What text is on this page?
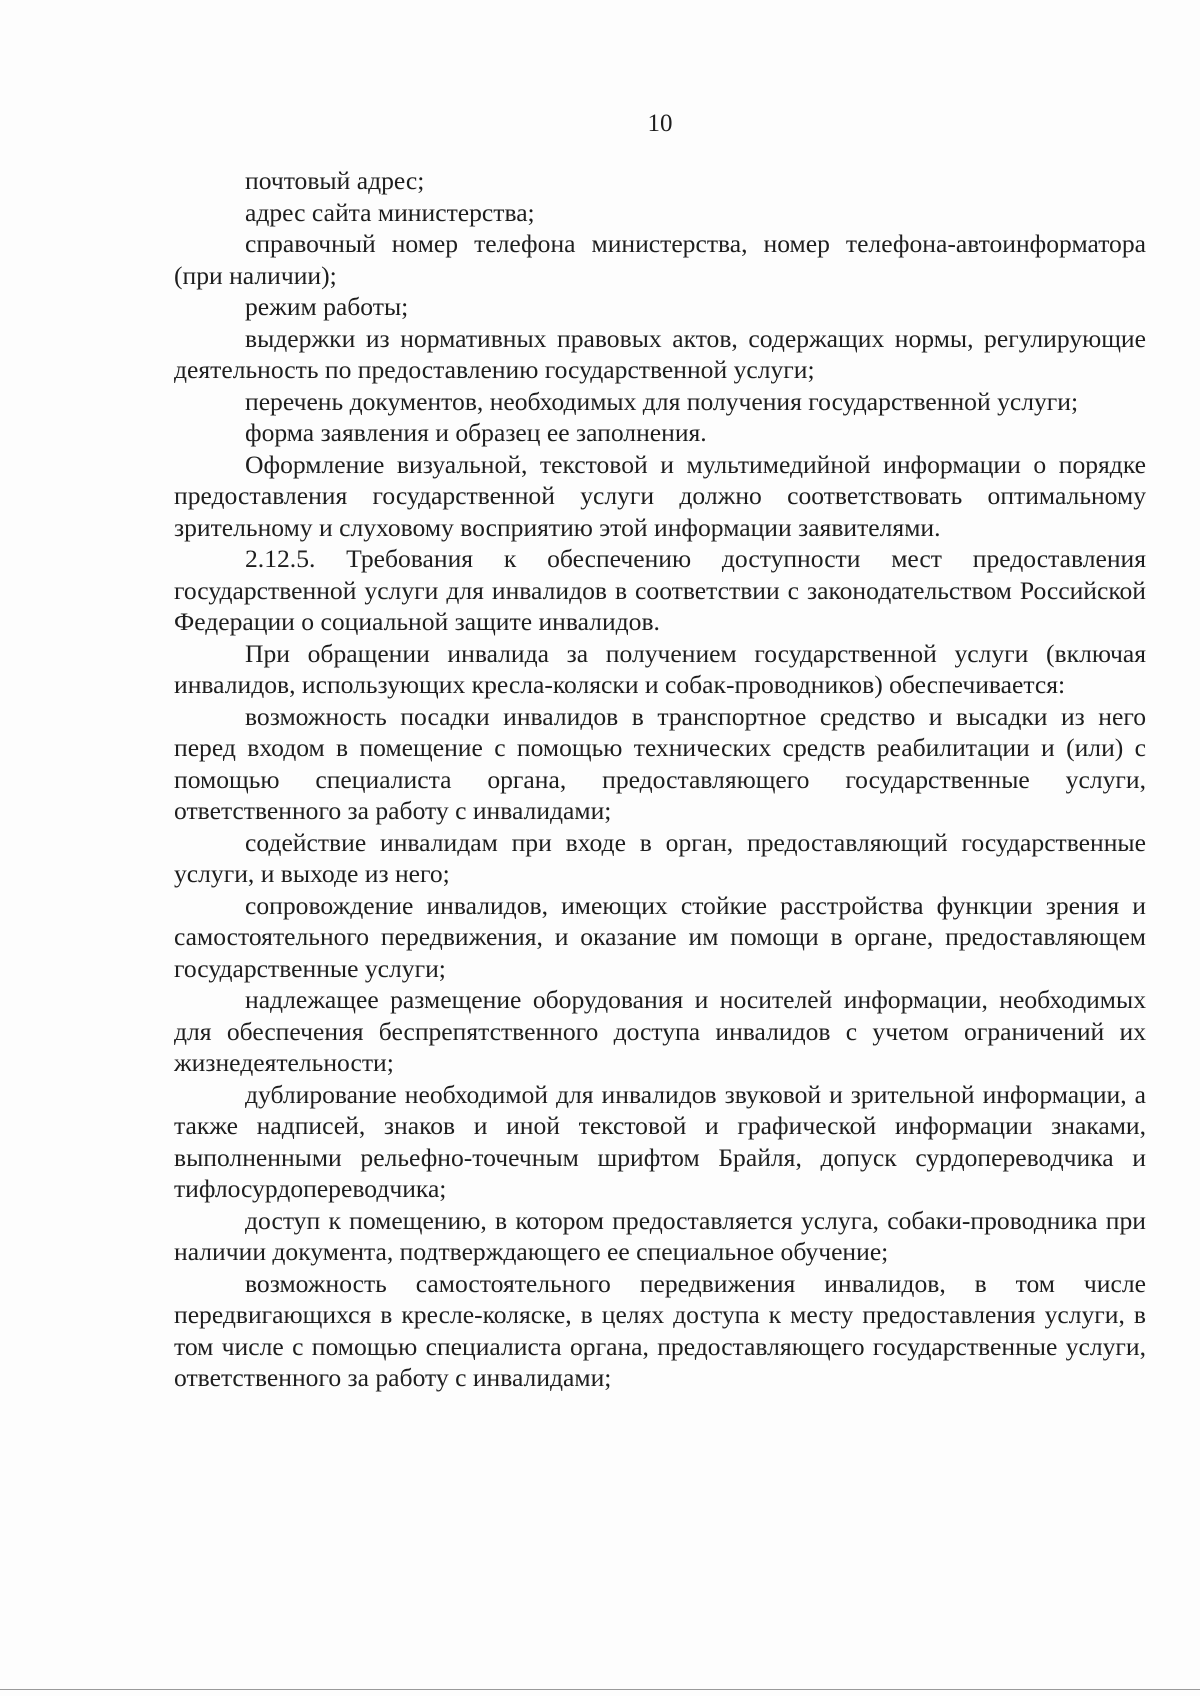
10

почтовый адрес;

адрес сайта министерства;

справочный номер телефона министерства, номер телефона-автоинформатора (при наличии);

режим работы;

выдержки из нормативных правовых актов, содержащих нормы, регулирующие деятельность по предоставлению государственной услуги;

перечень документов, необходимых для получения государственной услуги;

форма заявления и образец ее заполнения.

Оформление визуальной, текстовой и мультимедийной информации о порядке предоставления государственной услуги должно соответствовать оптимальному зрительному и слуховому восприятию этой информации заявителями.

2.12.5. Требования к обеспечению доступности мест предоставления государственной услуги для инвалидов в соответствии с законодательством Российской Федерации о социальной защите инвалидов.

При обращении инвалида за получением государственной услуги (включая инвалидов, использующих кресла-коляски и собак-проводников) обеспечивается:

возможность посадки инвалидов в транспортное средство и высадки из него перед входом в помещение с помощью технических средств реабилитации и (или) с помощью специалиста органа, предоставляющего государственные услуги, ответственного за работу с инвалидами;

содействие инвалидам при входе в орган, предоставляющий государственные услуги, и выходе из него;

сопровождение инвалидов, имеющих стойкие расстройства функции зрения и самостоятельного передвижения, и оказание им помощи в органе, предоставляющем государственные услуги;

надлежащее размещение оборудования и носителей информации, необходимых для обеспечения беспрепятственного доступа инвалидов с учетом ограничений их жизнедеятельности;

дублирование необходимой для инвалидов звуковой и зрительной информации, а также надписей, знаков и иной текстовой и графической информации знаками, выполненными рельефно-точечным шрифтом Брайля, допуск сурдопереводчика и тифлосурдопереводчика;

доступ к помещению, в котором предоставляется услуга, собаки-проводника при наличии документа, подтверждающего ее специальное обучение;

возможность самостоятельного передвижения инвалидов, в том числе передвигающихся в кресле-коляске, в целях доступа к месту предоставления услуги, в том числе с помощью специалиста органа, предоставляющего государственные услуги, ответственного за работу с инвалидами;
